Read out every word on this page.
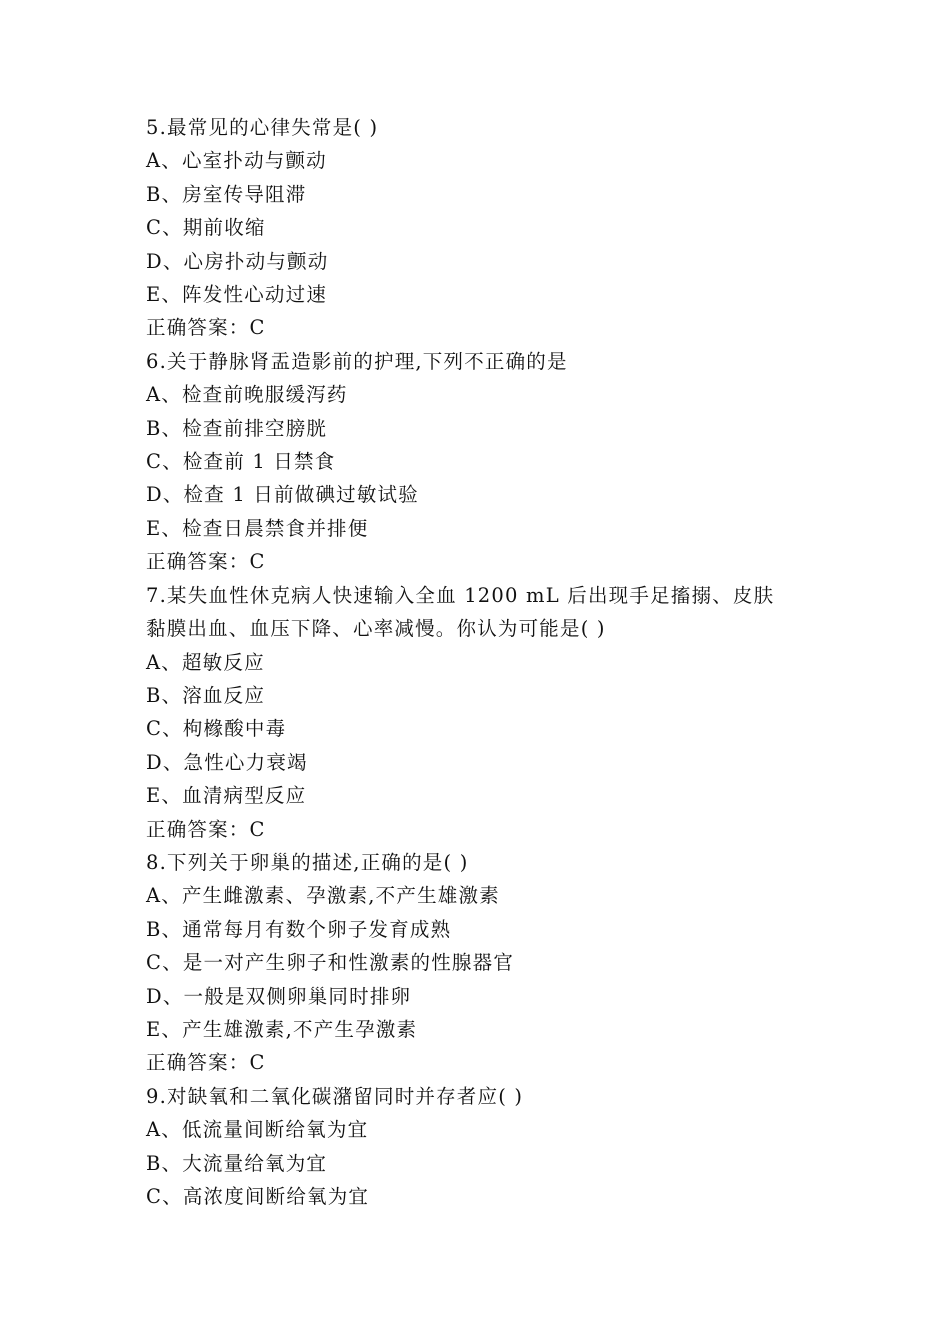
5.最常见的心律失常是( )
A、心室扑动与颤动
B、房室传导阻滞
C、期前收缩
D、心房扑动与颤动
E、阵发性心动过速
正确答案：C
6.关于静脉肾盂造影前的护理,下列不正确的是
A、检查前晚服缓泻药
B、检查前排空膀胱
C、检查前 1 日禁食
D、检查 1 日前做碘过敏试验
E、检查日晨禁食并排便
正确答案：C
7.某失血性休克病人快速输入全血 1200 mL 后出现手足搐搦、皮肤
黏膜出血、血压下降、心率减慢。你认为可能是( )
A、超敏反应
B、溶血反应
C、枸橼酸中毒
D、急性心力衰竭
E、血清病型反应
正确答案：C
8.下列关于卵巢的描述,正确的是( )
A、产生雌激素、孕激素,不产生雄激素
B、通常每月有数个卵子发育成熟
C、是一对产生卵子和性激素的性腺器官
D、一般是双侧卵巢同时排卵
E、产生雄激素,不产生孕激素
正确答案：C
9.对缺氧和二氧化碳潴留同时并存者应( )
A、低流量间断给氧为宜
B、大流量给氧为宜
C、高浓度间断给氧为宜
